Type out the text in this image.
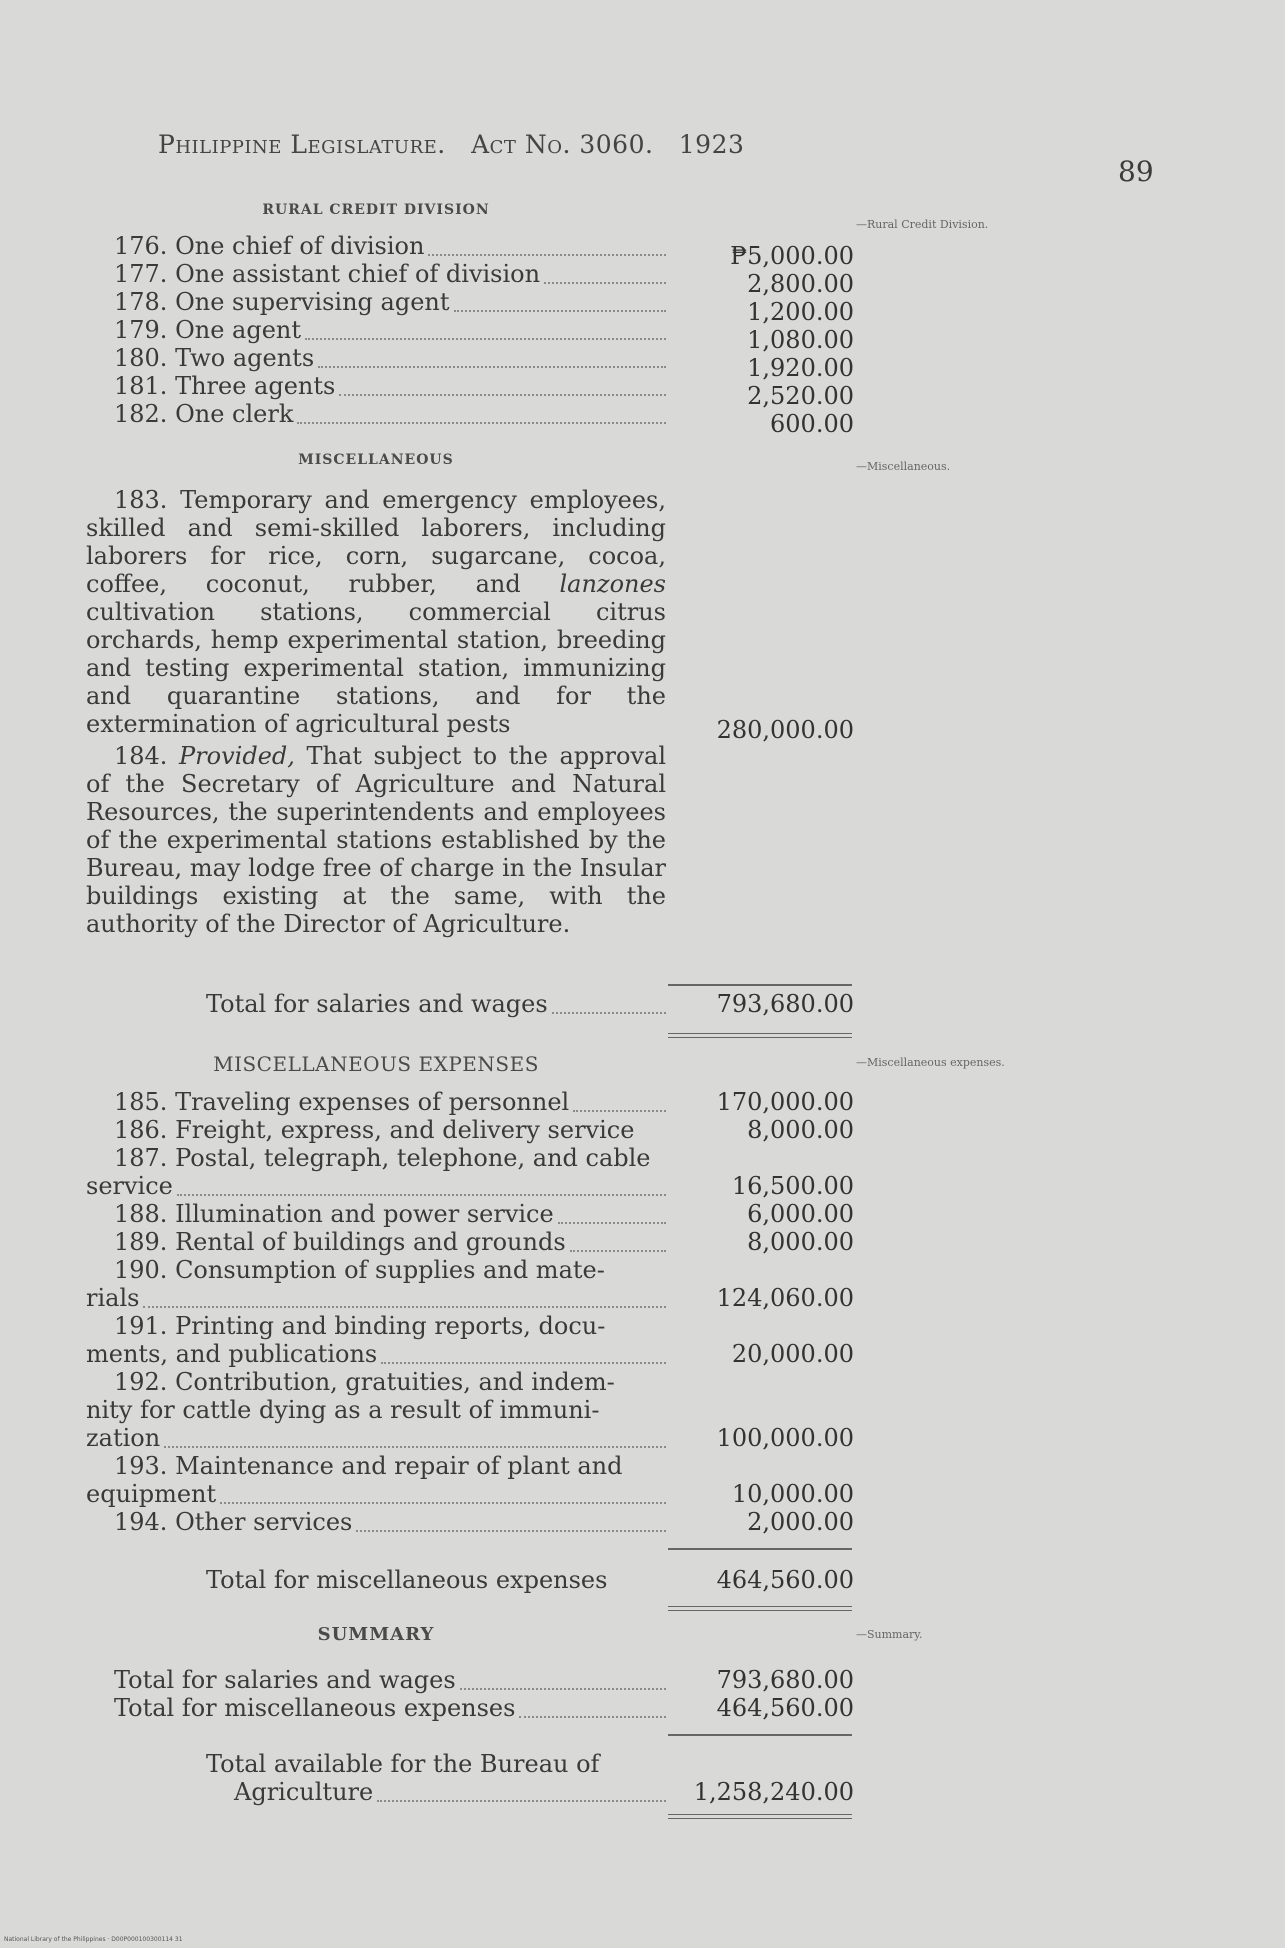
Philippine Legislature. Act No. 3060. 1923
89
RURAL CREDIT DIVISION
—Rural Credit Division.
176. One chief of division	₱5,000.00
177. One assistant chief of division	2,800.00
178. One supervising agent	1,200.00
179. One agent	1,080.00
180. Two agents	1,920.00
181. Three agents	2,520.00
182. One clerk	600.00
MISCELLANEOUS	—Miscellaneous.

183. Temporary and emergency employees, skilled and semi-skilled laborers, including laborers for rice, corn, sugarcane, cocoa, coffee, coconut, rubber, and lanzones cultivation stations, commercial citrus orchards, hemp experimental station, breeding and testing experimental station, immunizing and quarantine stations, and for the extermination of agricultural pests	280,000.00

184. Provided, That subject to the approval of the Secretary of Agriculture and Natural Resources, the superintendents and employees of the experimental stations established by the Bureau, may lodge free of charge in the Insular buildings existing at the same, with the authority of the Director of Agriculture.

Total for salaries and wages	793,680.00
MISCELLANEOUS EXPENSES	—Miscellaneous expenses.
185. Traveling expenses of personnel	170,000.00
186. Freight, express, and delivery service	8,000.00
187. Postal, telegraph, telephone, and cable
service	16,500.00
188. Illumination and power service	6,000.00
189. Rental of buildings and grounds	8,000.00
190. Consumption of supplies and mate-
rials	124,060.00
191. Printing and binding reports, docu-
ments, and publications	20,000.00
192. Contribution, gratuities, and indem-
nity for cattle dying as a result of immuni-
zation	100,000.00
193. Maintenance and repair of plant and
equipment	10,000.00
194. Other services	2,000.00
Total for miscellaneous expenses	464,560.00
SUMMARY	—Summary.
Total for salaries and wages	793,680.00
Total for miscellaneous expenses	464,560.00
Total available for the Bureau of
Agriculture	1,258,240.00
National Library of the Philippines · D00P000100300114 31
